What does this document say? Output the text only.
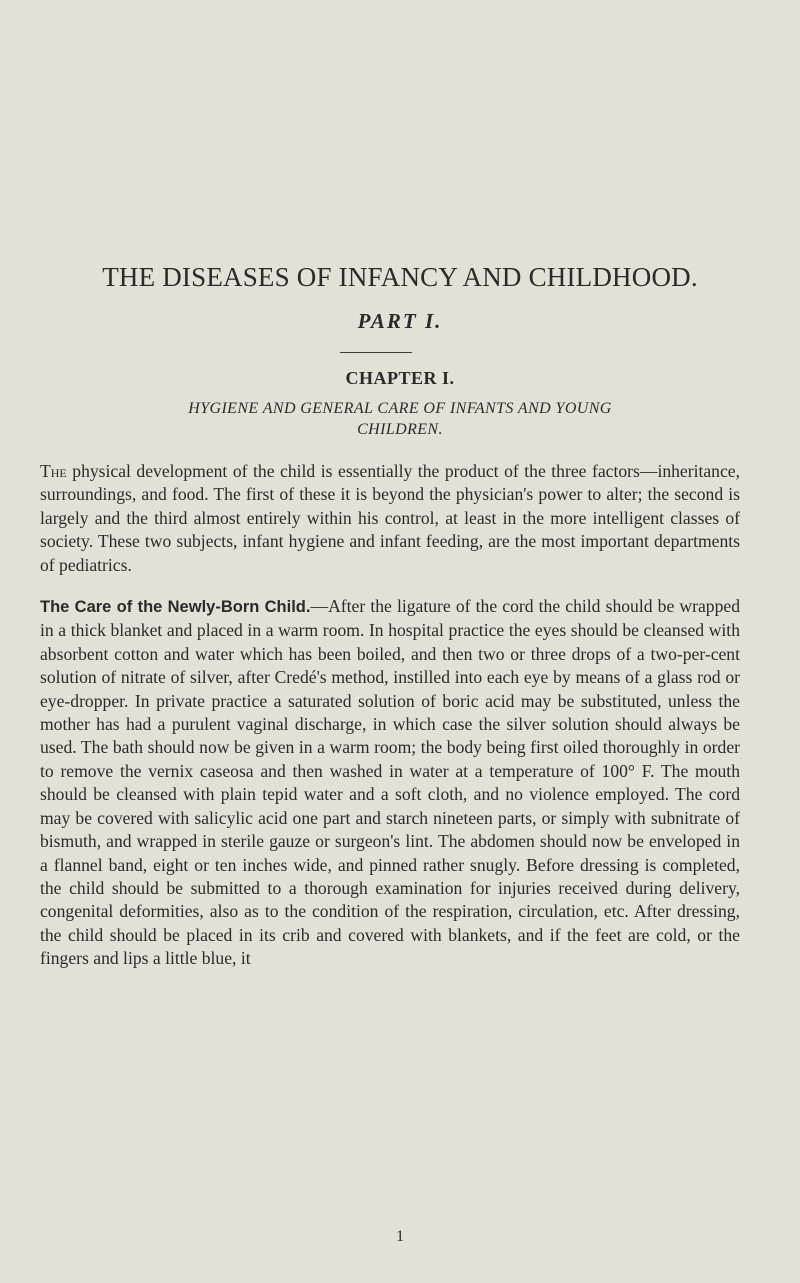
THE DISEASES OF INFANCY AND CHILDHOOD.
PART I.
CHAPTER I.
HYGIENE AND GENERAL CARE OF INFANTS AND YOUNG
CHILDREN.

The physical development of the child is essentially the product of the three factors—inheritance, surroundings, and food. The first of these it is beyond the physician's power to alter; the second is largely and the third almost entirely within his control, at least in the more intelligent classes of society. These two subjects, infant hygiene and infant feeding, are the most important departments of pediatrics.

The Care of the Newly-Born Child.—After the ligature of the cord the child should be wrapped in a thick blanket and placed in a warm room. In hospital practice the eyes should be cleansed with absorbent cotton and water which has been boiled, and then two or three drops of a two-per-cent solution of nitrate of silver, after Credé's method, instilled into each eye by means of a glass rod or eye-dropper. In private practice a saturated solution of boric acid may be substituted, unless the mother has had a purulent vaginal discharge, in which case the silver solution should always be used. The bath should now be given in a warm room; the body being first oiled thoroughly in order to remove the vernix caseosa and then washed in water at a temperature of 100° F. The mouth should be cleansed with plain tepid water and a soft cloth, and no violence employed. The cord may be covered with salicylic acid one part and starch nineteen parts, or simply with subnitrate of bismuth, and wrapped in sterile gauze or surgeon's lint. The abdomen should now be enveloped in a flannel band, eight or ten inches wide, and pinned rather snugly. Before dressing is completed, the child should be submitted to a thorough examination for injuries received during delivery, congenital deformities, also as to the condition of the respiration, circulation, etc. After dressing, the child should be placed in its crib and covered with blankets, and if the feet are cold, or the fingers and lips a little blue, it

1
